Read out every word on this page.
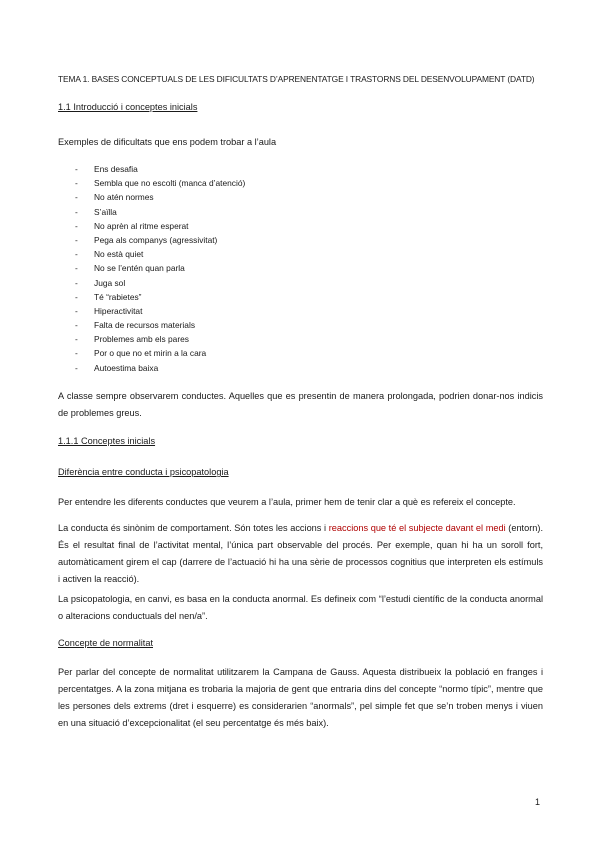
TEMA 1. BASES CONCEPTUALS DE LES DIFICULTATS D’APRENENTATGE I TRASTORNS DEL DESENVOLUPAMENT (DATD)

1.1 Introducció i conceptes inicials

Exemples de dificultats que ens podem trobar a l’aula

- Ens desafia
- Sembla que no escolti (manca d’atenció)
- No atén normes
- S’aïlla
- No aprèn al ritme esperat
- Pega als companys (agressivitat)
- No està quiet
- No se l’entén quan parla
- Juga sol
- Té “rabietes”
- Hiperactivitat
- Falta de recursos materials
- Problemes amb els pares
- Por o que no et mirin a la cara
- Autoestima baixa

A classe sempre observarem conductes. Aquelles que es presentin de manera prolongada, podrien donar-nos indicis de problemes greus.

1.1.1 Conceptes inicials

Diferència entre conducta i psicopatologia

Per entendre les diferents conductes que veurem a l’aula, primer hem de tenir clar a què es refereix el concepte.

La conducta és sinònim de comportament. Són totes les accions i reaccions que té el subjecte davant el medi (entorn). És el resultat final de l’activitat mental, l’única part observable del procés. Per exemple, quan hi ha un soroll fort, automàticament girem el cap (darrere de l’actuació hi ha una sèrie de processos cognitius que interpreten els estímuls i activen la reacció).

La psicopatologia, en canvi, es basa en la conducta anormal. Es defineix com “l’estudi científic de la conducta anormal o alteracions conductuals del nen/a”.

Concepte de normalitat

Per parlar del concepte de normalitat utilitzarem la Campana de Gauss. Aquesta distribueix la població en franges i percentatges. A la zona mitjana es trobaria la majoria de gent que entraria dins del concepte “normo típic”, mentre que les persones dels extrems (dret i esquerre) es considerarien “anormals”, pel simple fet que se’n troben menys i viuen en una situació d’excepcionalitat (el seu percentatge és més baix).

1
